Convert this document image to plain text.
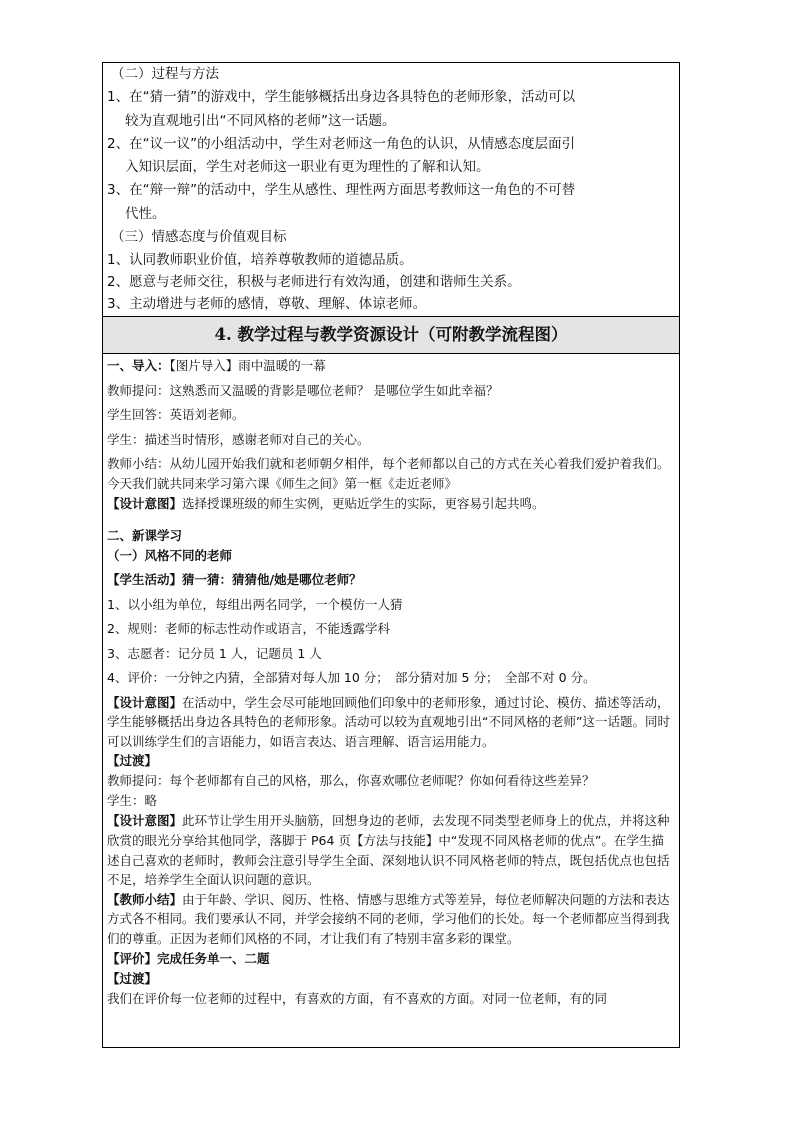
（二）过程与方法
1、在“猜一猜”的游戏中，学生能够概括出身边各具特色的老师形象，活动可以
较为直观地引出“不同风格的老师”这一话题。
2、在“议一议”的小组活动中，学生对老师这一角色的认识，从情感态度层面引
入知识层面，学生对老师这一职业有更为理性的了解和认知。
3、在“辩一辩”的活动中，学生从感性、理性两方面思考教师这一角色的不可替
代性。
（三）情感态度与价值观目标
1、认同教师职业价值，培养尊敬教师的道德品质。
2、愿意与老师交往，积极与老师进行有效沟通，创建和谐师生关系。
3、主动增进与老师的感情，尊敬、理解、体谅老师。
4. 教学过程与教学资源设计（可附教学流程图）

一、导入：【图片导入】雨中温暖的一幕

教师提问：这熟悉而又温暖的背影是哪位老师？ 是哪位学生如此幸福？

学生回答：英语刘老师。

学生：描述当时情形，感谢老师对自己的关心。

教师小结：从幼儿园开始我们就和老师朝夕相伴，每个老师都以自己的方式在关心着我们爱护着我们。今天我们就共同来学习第六课《师生之间》第一框《走近老师》

【设计意图】选择授课班级的师生实例，更贴近学生的实际，更容易引起共鸣。

二、新课学习

（一）风格不同的老师

【学生活动】猜一猜：猜猜他/她是哪位老师？

1、以小组为单位，每组出两名同学，一个模仿一人猜

2、规则：老师的标志性动作或语言，不能透露学科

3、志愿者：记分员 1 人，记题员 1 人

4、评价：一分钟之内猜，全部猜对每人加 10 分；　部分猜对加 5 分；　全部不对 0 分。

【设计意图】在活动中，学生会尽可能地回顾他们印象中的老师形象，通过讨论、模仿、描述等活动，学生能够概括出身边各具特色的老师形象。活动可以较为直观地引出“不同风格的老师”这一话题。同时可以训练学生们的言语能力，如语言表达、语言理解、语言运用能力。

【过渡】

教师提问：每个老师都有自己的风格，那么，你喜欢哪位老师呢？你如何看待这些差异？

学生：略

【设计意图】此环节让学生用开头脑筋，回想身边的老师，去发现不同类型老师身上的优点，并将这种欣赏的眼光分享给其他同学，落脚于 P64 页【方法与技能】中“发现不同风格老师的优点”。在学生描述自己喜欢的老师时，教师会注意引导学生全面、深刻地认识不同风格老师的特点，既包括优点也包括不足，培养学生全面认识问题的意识。

【教师小结】由于年龄、学识、阅历、性格、情感与思维方式等差异，每位老师解决问题的方法和表达方式各不相同。我们要承认不同，并学会接纳不同的老师，学习他们的长处。每一个老师都应当得到我们的尊重。正因为老师们风格的不同，才让我们有了特别丰富多彩的课堂。

【评价】完成任务单一、二题

【过渡】

我们在评价每一位老师的过程中，有喜欢的方面，有不喜欢的方面。对同一位老师，有的同
